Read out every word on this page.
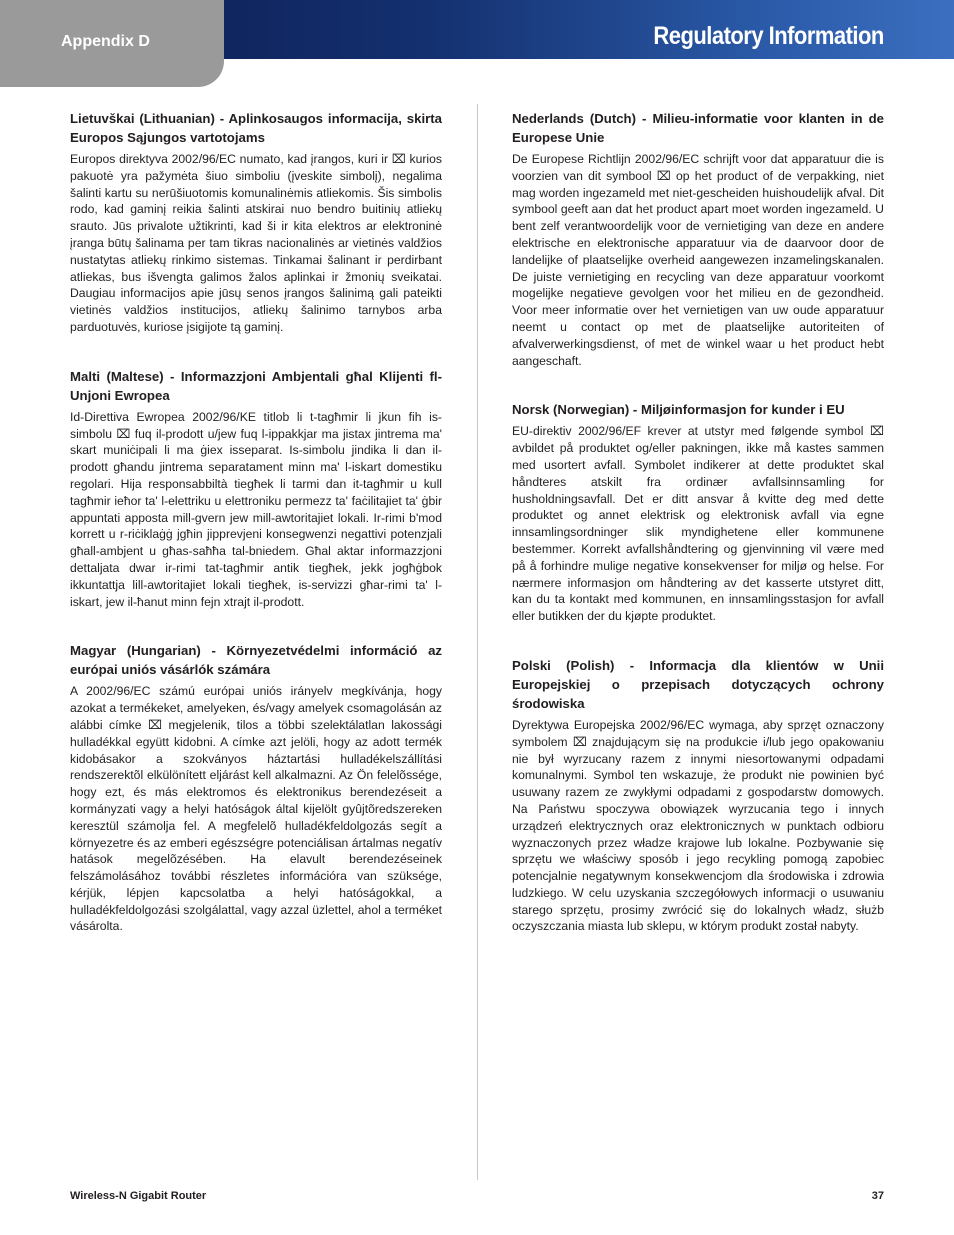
Appendix D	Regulatory Information
Lietuvškai (Lithuanian) - Aplinkosaugos informacija, skirta Europos Sąjungos vartotojams

Europos direktyva 2002/96/EC numato, kad įrangos, kuri ir ⌧ kurios pakuotė yra pažymėta šiuo simboliu (įveskite simbolį), negalima šalinti kartu su nerūšiuotomis komunalinėmis atliekomis. Šis simbolis rodo, kad gaminį reikia šalinti atskirai nuo bendro buitinių atliekų srauto. Jūs privalote užtikrinti, kad ši ir kita elektros ar elektroninė įranga būtų šalinama per tam tikras nacionalinės ar vietinės valdžios nustatytas atliekų rinkimo sistemas. Tinkamai šalinant ir perdirbant atliekas, bus išvengta galimos žalos aplinkai ir žmonių sveikatai. Daugiau informacijos apie jūsų senos įrangos šalinimą gali pateikti vietinės valdžios institucijos, atliekų šalinimo tarnybos arba parduotuvės, kuriose įsigijote tą gaminį.

Malti (Maltese) - Informazzjoni Ambjentali għal Klijenti fl-Unjoni Ewropea

Id-Direttiva Ewropea 2002/96/KE titlob li t-tagħmir li jkun fih is-simbolu ⌧ fuq il-prodott u/jew fuq l-ippakkjar ma jistax jintrema ma' skart muniċipali li ma ġiex isseparat. Is-simbolu jindika li dan il-prodott għandu jintrema separatament minn ma' l-iskart domestiku regolari. Hija responsabbiltà tiegħek li tarmi dan it-tagħmir u kull tagħmir ieħor ta' l-elettriku u elettroniku permezz ta' faċilitajiet ta' ġbir appuntati apposta mill-gvern jew mill-awtoritajiet lokali. Ir-rimi b'mod korrett u r-riċiklaġġ jgħin jipprevjeni konsegwenzi negattivi potenzjali għall-ambjent u għas-saħħa tal-bniedem. Għal aktar informazzjoni dettaljata dwar ir-rimi tat-tagħmir antik tiegħek, jekk jogħġbok ikkuntattja lill-awtoritajiet lokali tiegħek, is-servizzi għar-rimi ta' l-iskart, jew il-ħanut minn fejn xtrajt il-prodott.

Magyar (Hungarian) - Környezetvédelmi információ az európai uniós vásárlók számára

A 2002/96/EC számú európai uniós irányelv megkívánja, hogy azokat a termékeket, amelyeken, és/vagy amelyek csomagolásán az alábbi címke ⌧ megjelenik, tilos a többi szelektálatlan lakossági hulladékkal együtt kidobni. A címke azt jelöli, hogy az adott termék kidobásakor a szokványos háztartási hulladékelszállítási rendszerektõl elkülönített eljárást kell alkalmazni. Az Ön felelõssége, hogy ezt, és más elektromos és elektronikus berendezéseit a kormányzati vagy a helyi hatóságok által kijelölt gyûjtõredszereken keresztül számolja fel. A megfelelõ hulladékfeldolgozás segít a környezetre és az emberi egészségre potenciálisan ártalmas negatív hatások megelõzésében. Ha elavult berendezéseinek felszámolásához további részletes információra van szüksége, kérjük, lépjen kapcsolatba a helyi hatóságokkal, a hulladékfeldolgozási szolgálattal, vagy azzal üzlettel, ahol a terméket vásárolta.

Nederlands (Dutch) - Milieu-informatie voor klanten in de Europese Unie

De Europese Richtlijn 2002/96/EC schrijft voor dat apparatuur die is voorzien van dit symbool ⌧ op het product of de verpakking, niet mag worden ingezameld met niet-gescheiden huishoudelijk afval. Dit symbool geeft aan dat het product apart moet worden ingezameld. U bent zelf verantwoordelijk voor de vernietiging van deze en andere elektrische en elektronische apparatuur via de daarvoor door de landelijke of plaatselijke overheid aangewezen inzamelingskanalen. De juiste vernietiging en recycling van deze apparatuur voorkomt mogelijke negatieve gevolgen voor het milieu en de gezondheid. Voor meer informatie over het vernietigen van uw oude apparatuur neemt u contact op met de plaatselijke autoriteiten of afvalverwerkingsdienst, of met de winkel waar u het product hebt aangeschaft.

Norsk (Norwegian) - Miljøinformasjon for kunder i EU

EU-direktiv 2002/96/EF krever at utstyr med følgende symbol ⌧ avbildet på produktet og/eller pakningen, ikke må kastes sammen med usortert avfall. Symbolet indikerer at dette produktet skal håndteres atskilt fra ordinær avfallsinnsamling for husholdningsavfall. Det er ditt ansvar å kvitte deg med dette produktet og annet elektrisk og elektronisk avfall via egne innsamlingsordninger slik myndighetene eller kommunene bestemmer. Korrekt avfallshåndtering og gjenvinning vil være med på å forhindre mulige negative konsekvenser for miljø og helse. For nærmere informasjon om håndtering av det kasserte utstyret ditt, kan du ta kontakt med kommunen, en innsamlingsstasjon for avfall eller butikken der du kjøpte produktet.

Polski (Polish) - Informacja dla klientów w Unii Europejskiej o przepisach dotyczących ochrony środowiska

Dyrektywa Europejska 2002/96/EC wymaga, aby sprzęt oznaczony symbolem ⌧ znajdującym się na produkcie i/lub jego opakowaniu nie był wyrzucany razem z innymi niesortowanymi odpadami komunalnymi. Symbol ten wskazuje, że produkt nie powinien być usuwany razem ze zwykłymi odpadami z gospodarstw domowych. Na Państwu spoczywa obowiązek wyrzucania tego i innych urządzeń elektrycznych oraz elektronicznych w punktach odbioru wyznaczonych przez władze krajowe lub lokalne. Pozbywanie się sprzętu we właściwy sposób i jego recykling pomogą zapobiec potencjalnie negatywnym konsekwencjom dla środowiska i zdrowia ludzkiego. W celu uzyskania szczegółowych informacji o usuwaniu starego sprzętu, prosimy zwrócić się do lokalnych władz, służb oczyszczania miasta lub sklepu, w którym produkt został nabyty.

Wireless-N Gigabit Router	37
